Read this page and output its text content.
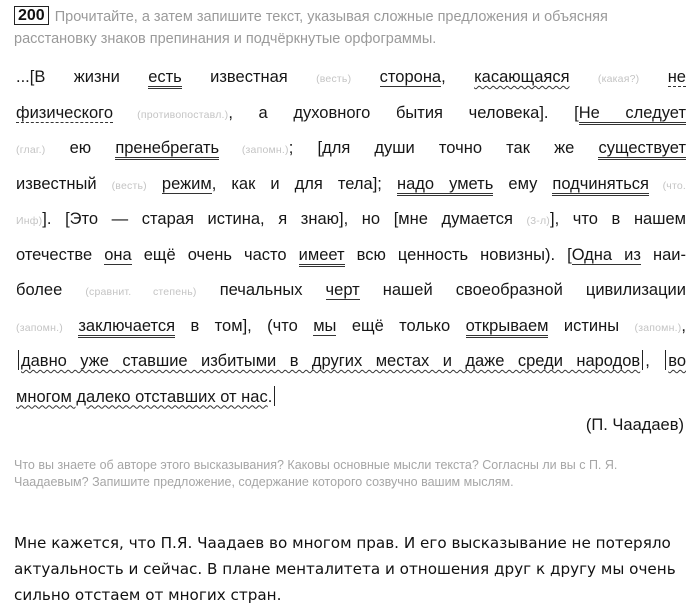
200 Прочитайте, а затем запишите текст, указывая сложные предложения и объясняя расстановку знаков препинания и подчёркнутые орфограммы.
...[В жизни есть известная (весть) сторона, касающаяся	(какая?) не
физического (противопоставл.), а духовного бытия человека]. [Не следует
(глаг.) ею пренебрегать (запомн.); [для души точно так же существует
известный (весть) режим, как и для тела]; надо уметь ему подчиняться (что.
Инф)]. [Это — старая истина, я знаю], но [мне думается (3-л)], что в нашем
отечестве она ещё очень часто имеет всю ценность новизны). [Одна из наи-
более (сравнит. степень) печальных черт нашей своеобразной цивилизации
(запомн.) заключается в том], (что мы ещё только открываем истины (запомн.),
давно уже ставшие избитыми в других местах и даже среди народов , во
многом далеко отставших от нас.
(П. Чаадаев)
Что вы знаете об авторе этого высказывания? Каковы основные мысли текста? Согласны ли вы с П. Я. Чаадаевым? Запишите предложение, содержание которого созвучно вашим мыслям.
Мне кажется, что П.Я. Чаадаев во многом прав. И его высказывание не потеряло актуальность и сейчас. В плане менталитета и отношения друг к другу мы очень сильно отстаем от многих стран.
